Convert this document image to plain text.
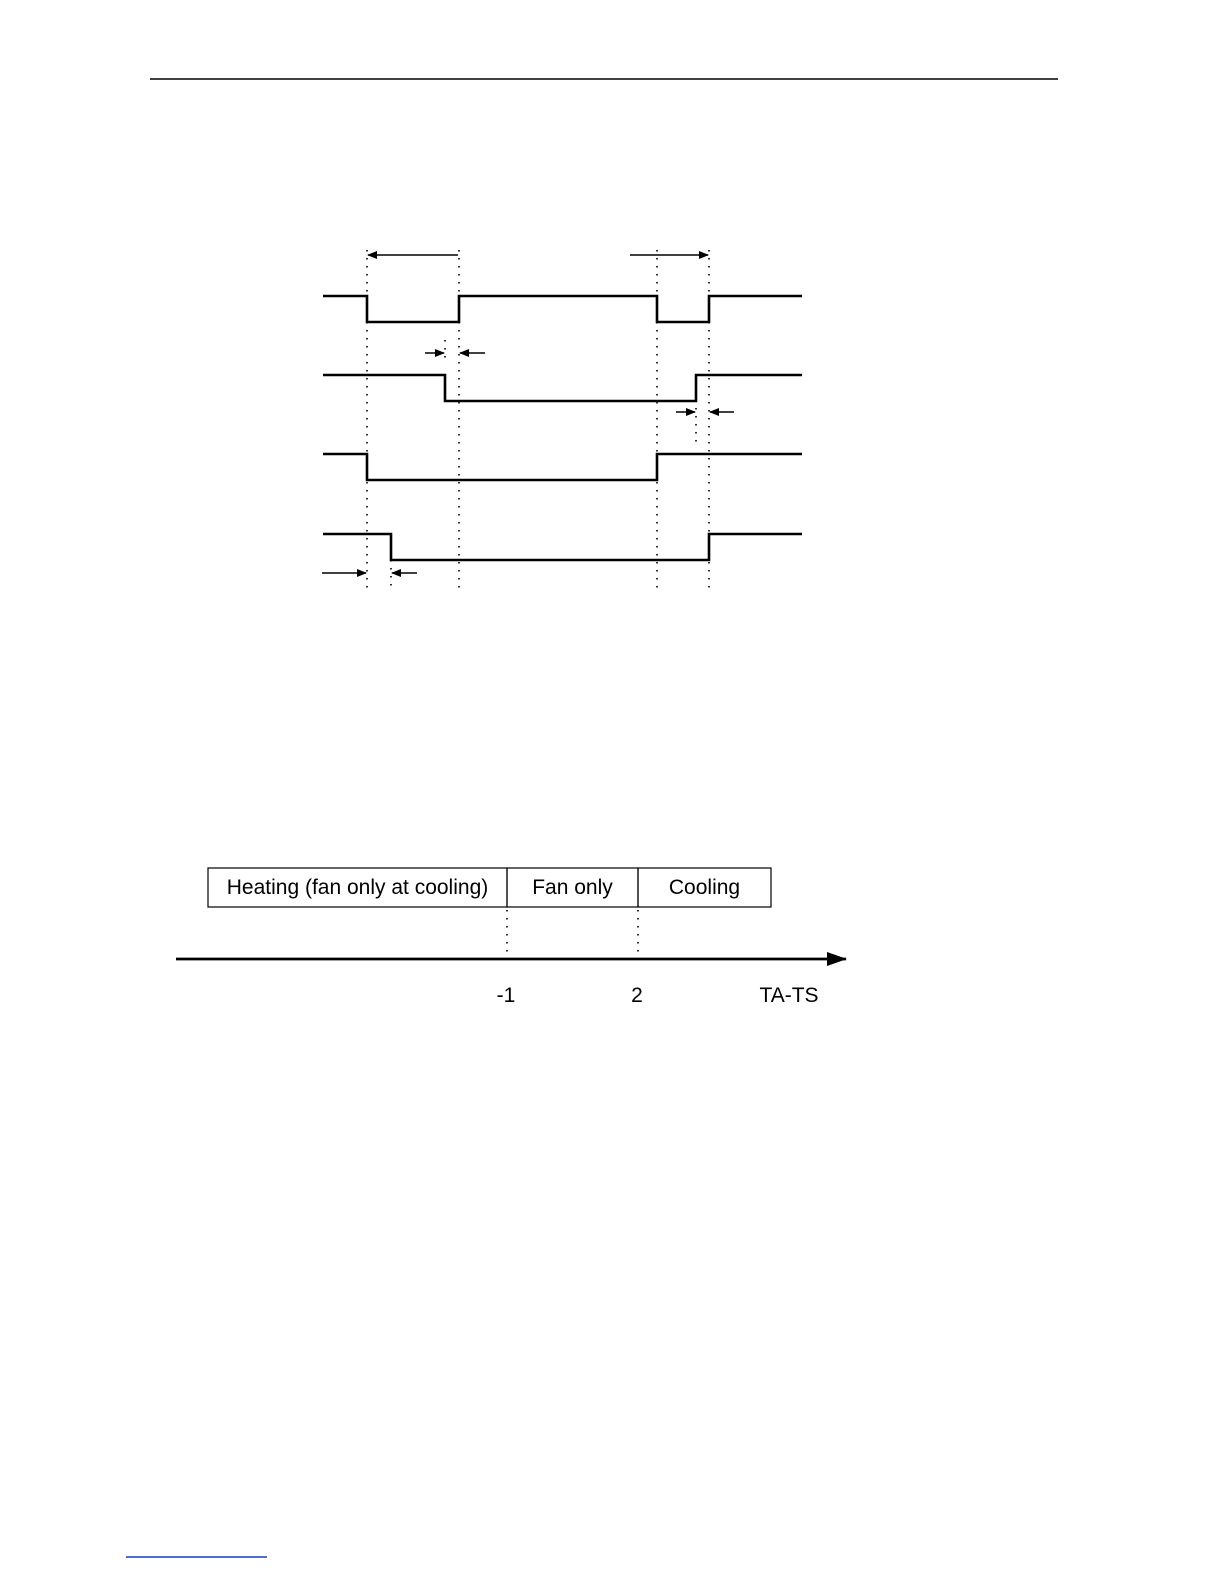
Heating (fan only at cooling) Fan only	Cooling
-1	2	TA-TS
